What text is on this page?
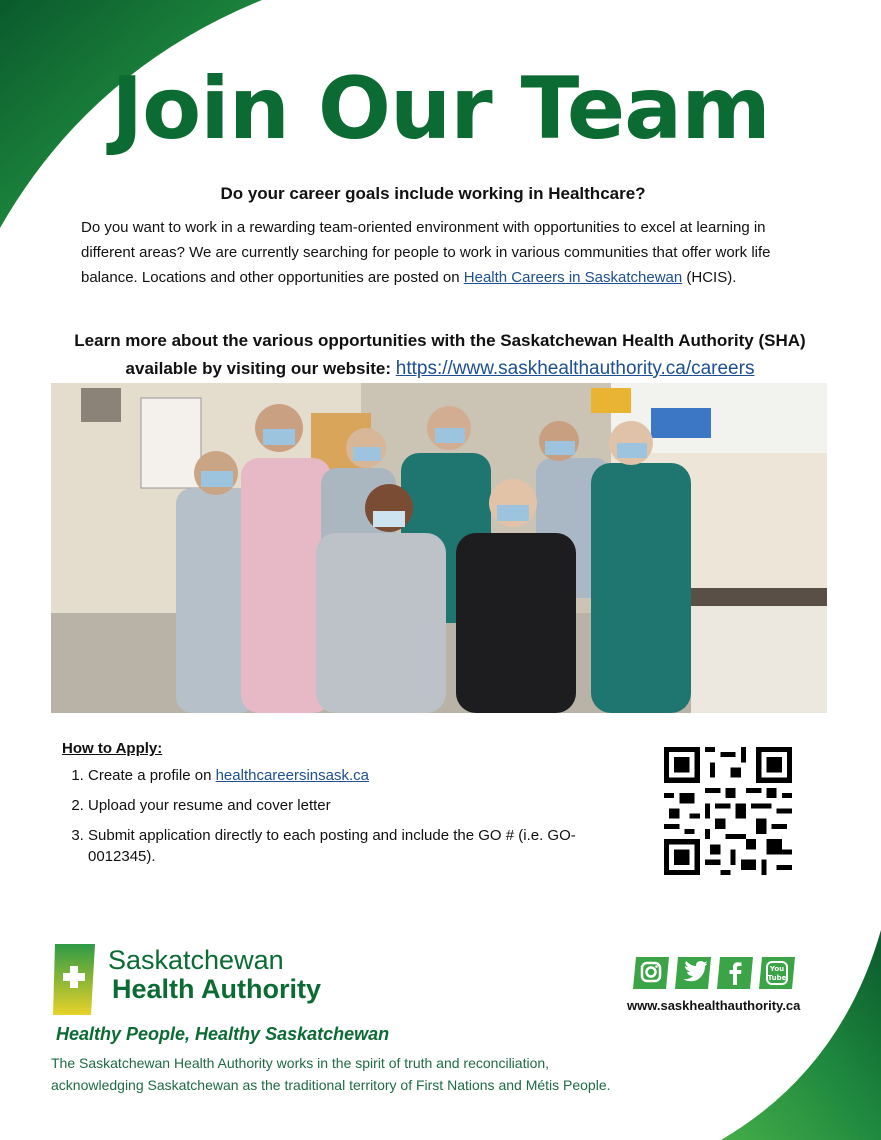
Join Our Team
Do your career goals include working in Healthcare?

Do you want to work in a rewarding team-oriented environment with opportunities to excel at learning in different areas? We are currently searching for people to work in various communities that offer work life balance. Locations and other opportunities are posted on Health Careers in Saskatchewan (HCIS).

Learn more about the various opportunities with the Saskatchewan Health Authority (SHA) available by visiting our website: https://www.saskhealthauthority.ca/careers

How to Apply:
1. Create a profile on healthcareersinsask.ca
2. Upload your resume and cover letter
3. Submit application directly to each posting and include the GO # (i.e. GO-0012345).

Saskatchewan

Health Authority

Healthy People, Healthy Saskatchewan

The Saskatchewan Health Authority works in the spirit of truth and reconciliation,
acknowledging Saskatchewan as the traditional territory of First Nations and Métis People.

You
Tube

www.saskhealthauthority.ca
